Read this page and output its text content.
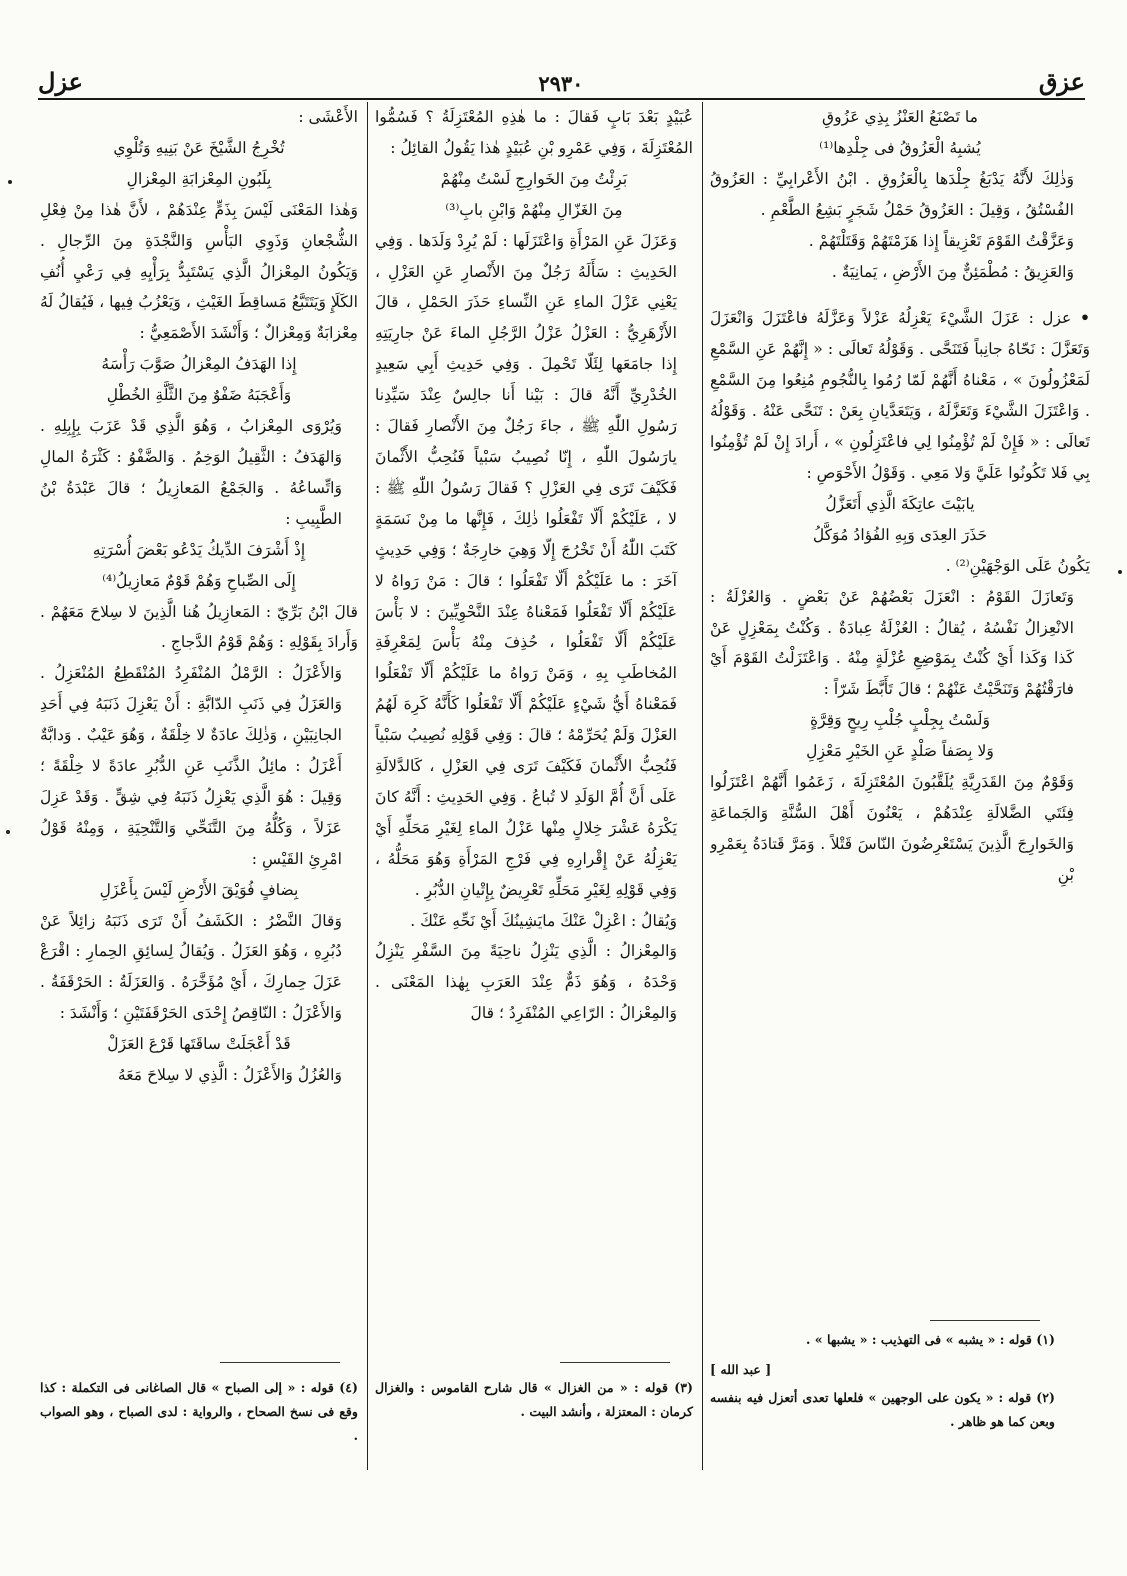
عزل	٢٩٣٠	عزق

ما تَصْنَعُ العَنْزُ بِذِي عَزُوقِ

يُشبِهُ الْعَزُوقُ فى جِلْدِها⁽¹⁾

وَذٰلِكَ لأَنَّهُ يَدْبَغُ جِلْدَها بِالْعَزُوقِ . ابْنُ الأَعْرابِيِّ : العَزُوقُ الفُسْتُقُ ، وَقِيلَ : العَزُوقُ حَمْلُ شَجَرٍ بَشِعُ الطَّعْمِ .

وَعَزَّقْتُ القَوْمَ تَعْزِيقاً إِذا هَزَمْتَهُمْ وَقَتَلْتَهُمْ .

وَالعَزِيقُ : مُطْمَئِنٌّ مِنَ الأَرْضِ ، يَمانِيَةٌ .

• عزل : عَزَلَ الشَّيْءَ يَعْزِلُهُ عَزْلاً وَعَزَّلَهُ فاعْتَزَلَ وَانْعَزَلَ وَتَعَزَّلَ : نَحّاهُ جانِباً فَتَنَحَّى . وَقَوْلُهُ تَعالَى : « إِنَّهُمْ عَنِ السَّمْعِ لَمَعْزُولُونَ » ، مَعْناهُ أَنَّهُمْ لَمّا رُمُوا بِالنُّجُومِ مُنِعُوا مِنَ السَّمْعِ . وَاعْتَزَلَ الشَّيْءَ وَتَعَزَّلَهُ ، وَيَتَعَدَّيانِ بِعَنْ : تَنَحَّى عَنْهُ . وَقَوْلُهُ تَعالَى : « فَإِنْ لَمْ تُؤْمِنُوا لِي فاعْتَزِلُونِ » ، أَرادَ إِنْ لَمْ تُؤْمِنُوا بِي فَلا تَكُونُوا عَلَيَّ وَلا مَعِي . وَقَوْلُ الأَحْوَصِ :

يابَيْتَ عاتِكَةَ الَّذِي أَتَعَزَّلُ

حَذَرَ العِدَى وَبِهِ الفُؤادُ مُوَكَّلُ

يَكُونُ عَلَى الوَجْهَيْنِ⁽²⁾ .

وَتَعازَلَ القَوْمُ : انْعَزَلَ بَعْضُهُمْ عَنْ بَعْضٍ . وَالعُزْلَةُ : الانْعِزالُ نَفْسُهُ ، يُقالُ : العُزْلَةُ عِبادَةٌ . وَكُنْتُ بِمَعْزِلٍ عَنْ كَذا وَكَذا أَيْ كُنْتُ بِمَوْضِعِ عُزْلَةٍ مِنْهُ . وَاعْتَزَلْتُ القَوْمَ أَيْ فارَقْتُهُمْ وَتَنَحَّيْتُ عَنْهُمْ ؛ قالَ تَأَبَّطَ شَرّاً :

وَلَسْتُ بِجِلْبٍ جُلْبِ رِيحٍ وَقِرَّةٍ

وَلا بِصَفاً صَلْدٍ عَنِ الخَيْرِ مَعْزِلِ

وَقَوْمٌ مِنَ القَدَرِيَّةِ يُلَقَّبُونَ المُعْتَزِلَةَ ، زَعَمُوا أَنَّهُمْ اعْتَزَلُوا فِئَتَي الضَّلالَةِ عِنْدَهُمْ ، يَعْنُونَ أَهْلَ السُّنَّةِ وَالجَماعَةِ وَالخَوارِجَ الَّذِينَ يَسْتَعْرِضُونَ النّاسَ قَتْلاً . وَمَرَّ قَتادَةُ بِعَمْرِو بْنِ

عُبَيْدٍ بَعْدَ بَابٍ فَقالَ : ما هٰذِهِ المُعْتَزِلَةُ ؟ فَسُمُّوا المُعْتَزِلَةَ ، وَفِي عَمْرِو بْنِ عُبَيْدٍ هٰذا يَقُولُ القائِلُ :

بَرِئْتُ مِنَ الخَوارِجِ لَسْتُ مِنْهُمْ

مِنَ الغَزّالِ مِنْهُمْ وَابْنِ بابِ⁽³⁾

وَعَزَلَ عَنِ المَرْأَةِ وَاعْتَزَلَها : لَمْ يُرِدْ وَلَدَها . وَفِي الحَدِيثِ : سَأَلَهُ رَجُلٌ مِنَ الأَنْصارِ عَنِ العَزْلِ ، يَعْنِي عَزْلَ الماءِ عَنِ النِّساءِ حَذَرَ الحَمْلِ ، قالَ الأَزْهَرِيُّ : العَزْلُ عَزْلُ الرَّجُلِ الماءَ عَنْ جارِيَتِهِ إِذا جامَعَها لِئَلّا تَحْمِلَ . وَفِي حَدِيثِ أَبِي سَعِيدٍ الخُدْرِيِّ أَنَّهُ قالَ : بَيْنا أَنا جالِسٌ عِنْدَ سَيِّدِنا رَسُولِ اللّٰهِ ﷺ ، جاءَ رَجُلٌ مِنَ الأَنْصارِ فَقالَ : يارَسُولَ اللّٰهِ ، إِنّا نُصِيبُ سَبْياً فَنُحِبُّ الأَثْمانَ فَكَيْفَ تَرَى فِي العَزْلِ ؟ فَقالَ رَسُولُ اللّٰهِ ﷺ : لا ، عَلَيْكُمْ أَلّا تَفْعَلُوا ذٰلِكَ ، فَإِنَّها ما مِنْ نَسَمَةٍ كَتَبَ اللّٰهُ أَنْ تَخْرُجَ إِلّا وَهِيَ خارِجَةٌ ؛ وَفِي حَدِيثٍ آخَرَ : ما عَلَيْكُمْ أَلّا تَفْعَلُوا ؛ قالَ : مَنْ رَواهُ لا عَلَيْكُمْ أَلّا تَفْعَلُوا فَمَعْناهُ عِنْدَ النَّحْوِيِّينَ : لا بَأْسَ عَلَيْكُمْ أَلّا تَفْعَلُوا ، حُذِفَ مِنْهُ بَأْسَ لِمَعْرِفَةِ المُخاطَبِ بِهِ ، وَمَنْ رَواهُ ما عَلَيْكُمْ أَلّا تَفْعَلُوا فَمَعْناهُ أَيُّ شَيْءٍ عَلَيْكُمْ أَلّا تَفْعَلُوا كَأَنَّهُ كَرِهَ لَهُمُ العَزْلَ وَلَمْ يُحَرِّمْهُ ؛ قالَ : وَفِي قَوْلِهِ نُصِيبُ سَبْياً فَنُحِبُّ الأَثْمانَ فَكَيْفَ تَرَى فِي العَزْلِ ، كَالدَّلالَةِ عَلَى أَنَّ أُمَّ الوَلَدِ لا تُباعُ . وَفِي الحَدِيثِ : أَنَّهُ كانَ يَكْرَهُ عَشْرَ خِلالٍ مِنْها عَزْلُ الماءِ لِغَيْرِ مَحَلِّهِ أَيْ يَعْزِلُهُ عَنْ إِقْرارِهِ فِي فَرْجِ المَرْأَةِ وَهُوَ مَحَلُّهُ ، وَفِي قَوْلِهِ لِغَيْرِ مَحَلِّهِ تَعْرِيضٌ بِإِتْيانِ الدُّبُرِ .

وَيُقالُ : اعْزِلْ عَنْكَ مايَشِينُكَ أَيْ نَحِّهِ عَنْكَ .

وَالمِعْزالُ : الَّذِي يَنْزِلُ ناحِيَةً مِنَ السَّفْرِ يَنْزِلُ وَحْدَهُ ، وَهُوَ ذَمٌّ عِنْدَ العَرَبِ بِهٰذا المَعْنَى . وَالمِعْزالُ : الرّاعِي المُنْفَرِدُ ؛ قالَ

الأَعْشَى :

تُخْرِجُ الشَّيْخَ عَنْ بَنِيهِ وَتُلْوِي

بِلَبُونِ المِعْزابَةِ المِعْزالِ

وَهٰذا المَعْنَى لَيْسَ بِذَمٍّ عِنْدَهُمْ ، لأَنَّ هٰذا مِنْ فِعْلِ الشُّجْعانِ وَذَوِي البَأْسِ وَالنَّجْدَةِ مِنَ الرِّجالِ . وَيَكُونُ المِعْزالُ الَّذِي يَسْتَبِدُّ بِرَأْيِهِ فِي رَعْيِ أُنُفِ الكَلَإِ وَيَتَتَبَّعُ مَساقِطَ الغَيْثِ ، وَيَعْزُبُ فِيها ، فَيُقالُ لَهُ مِعْزابَةٌ وَمِعْزالٌ ؛ وَأَنْشَدَ الأَصْمَعِيُّ :

إِذا الهَدَفُ المِعْزالُ صَوَّبَ رَأْسَهُ

وَأَعْجَبَهُ ضَفْوٌ مِنَ الثَّلَّةِ الخُطْلِ

وَيُرْوَى المِعْزابُ ، وَهُوَ الَّذِي قَدْ عَزَبَ بِإِبِلِهِ . وَالهَدَفُ : الثَّقِيلُ الوَخِمُ . وَالضَّفْوُ : كَثْرَةُ المالِ وَاتِّساعُهُ . وَالجَمْعُ المَعازِيلُ ؛ قالَ عَبْدَةُ بْنُ الطَّبِيبِ :

إِذْ أَشْرَفَ الدِّيكُ يَدْعُو بَعْضَ أُسْرَتِهِ

إِلَى الصِّباحِ وَهُمْ قَوْمٌ مَعازِيلُ⁽⁴⁾

قالَ ابْنُ بَرِّيّ : المَعازِيلُ هُنا الَّذِينَ لا سِلاحَ مَعَهُمْ . وَأَرادَ بِقَوْلِهِ : وَهُمْ قَوْمُ الدَّجاجِ .

وَالأَعْزَلُ : الرَّمْلُ المُنْفَرِدُ المُنْقَطِعُ المُنْعَزِلُ . وَالعَزَلُ فِي ذَنَبِ الدّابَّةِ : أَنْ يَعْزِلَ ذَنَبَهُ فِي أَحَدِ الجانِبَيْنِ ، وَذٰلِكَ عادَةٌ لا خِلْقَةٌ ، وَهُوَ عَيْبٌ . وَدابَّةٌ أَعْزَلُ : مائِلُ الذَّنَبِ عَنِ الدُّبُرِ عادَةً لا خِلْقَةً ؛ وَقِيلَ : هُوَ الَّذِي يَعْزِلُ ذَنَبَهُ فِي شِقٍّ . وَقَدْ عَزِلَ عَزَلاً ، وَكُلُّهُ مِنَ التَّنَحِّي وَالتَّنْحِيَةِ ، وَمِنْهُ قَوْلُ امْرِئِ القَيْسِ :

بِضافٍ فُوَيْقَ الأَرْضِ لَيْسَ بِأَعْزَلِ

وَقالَ النَّضْرُ : الكَشَفُ أَنْ تَرَى ذَنَبَهُ زائِلاً عَنْ دُبُرِهِ ، وَهُوَ العَزَلُ . وَيُقالُ لِسائِقِ الحِمارِ : اقْرَعْ عَزَلَ حِمارِكَ ، أَيْ مُؤَخَّرَهُ . وَالعَزَلَةُ : الحَرْقَفَةُ . وَالأَعْزَلُ : النّاقِصُ إِحْدَى الحَرْقَفَتَيْنِ ؛ وَأَنْشَدَ :

قَدْ أَعْجَلَتْ ساقَتَها قَرْعَ العَزَلْ

وَالعُزُلُ وَالأَعْزَلُ : الَّذِي لا سِلاحَ مَعَهُ

(١) قوله : « يشبه » فى التهذيب : « يشبها » .

[ عبد الله ]

(٢) قوله : « يكون على الوجهين » فلعلها تعدى أتعزل فيه بنفسه وبعن كما هو ظاهر .

(٣) قوله : « من الغزال » قال شارح القاموس : والغزال كرمان : المعتزلة ، وأنشد البيت .

(٤) قوله : « إلى الصباح » قال الصاغانى فى التكملة : كذا وقع فى نسخ الصحاح ، والرواية : لدى الصباح ، وهو الصواب .
